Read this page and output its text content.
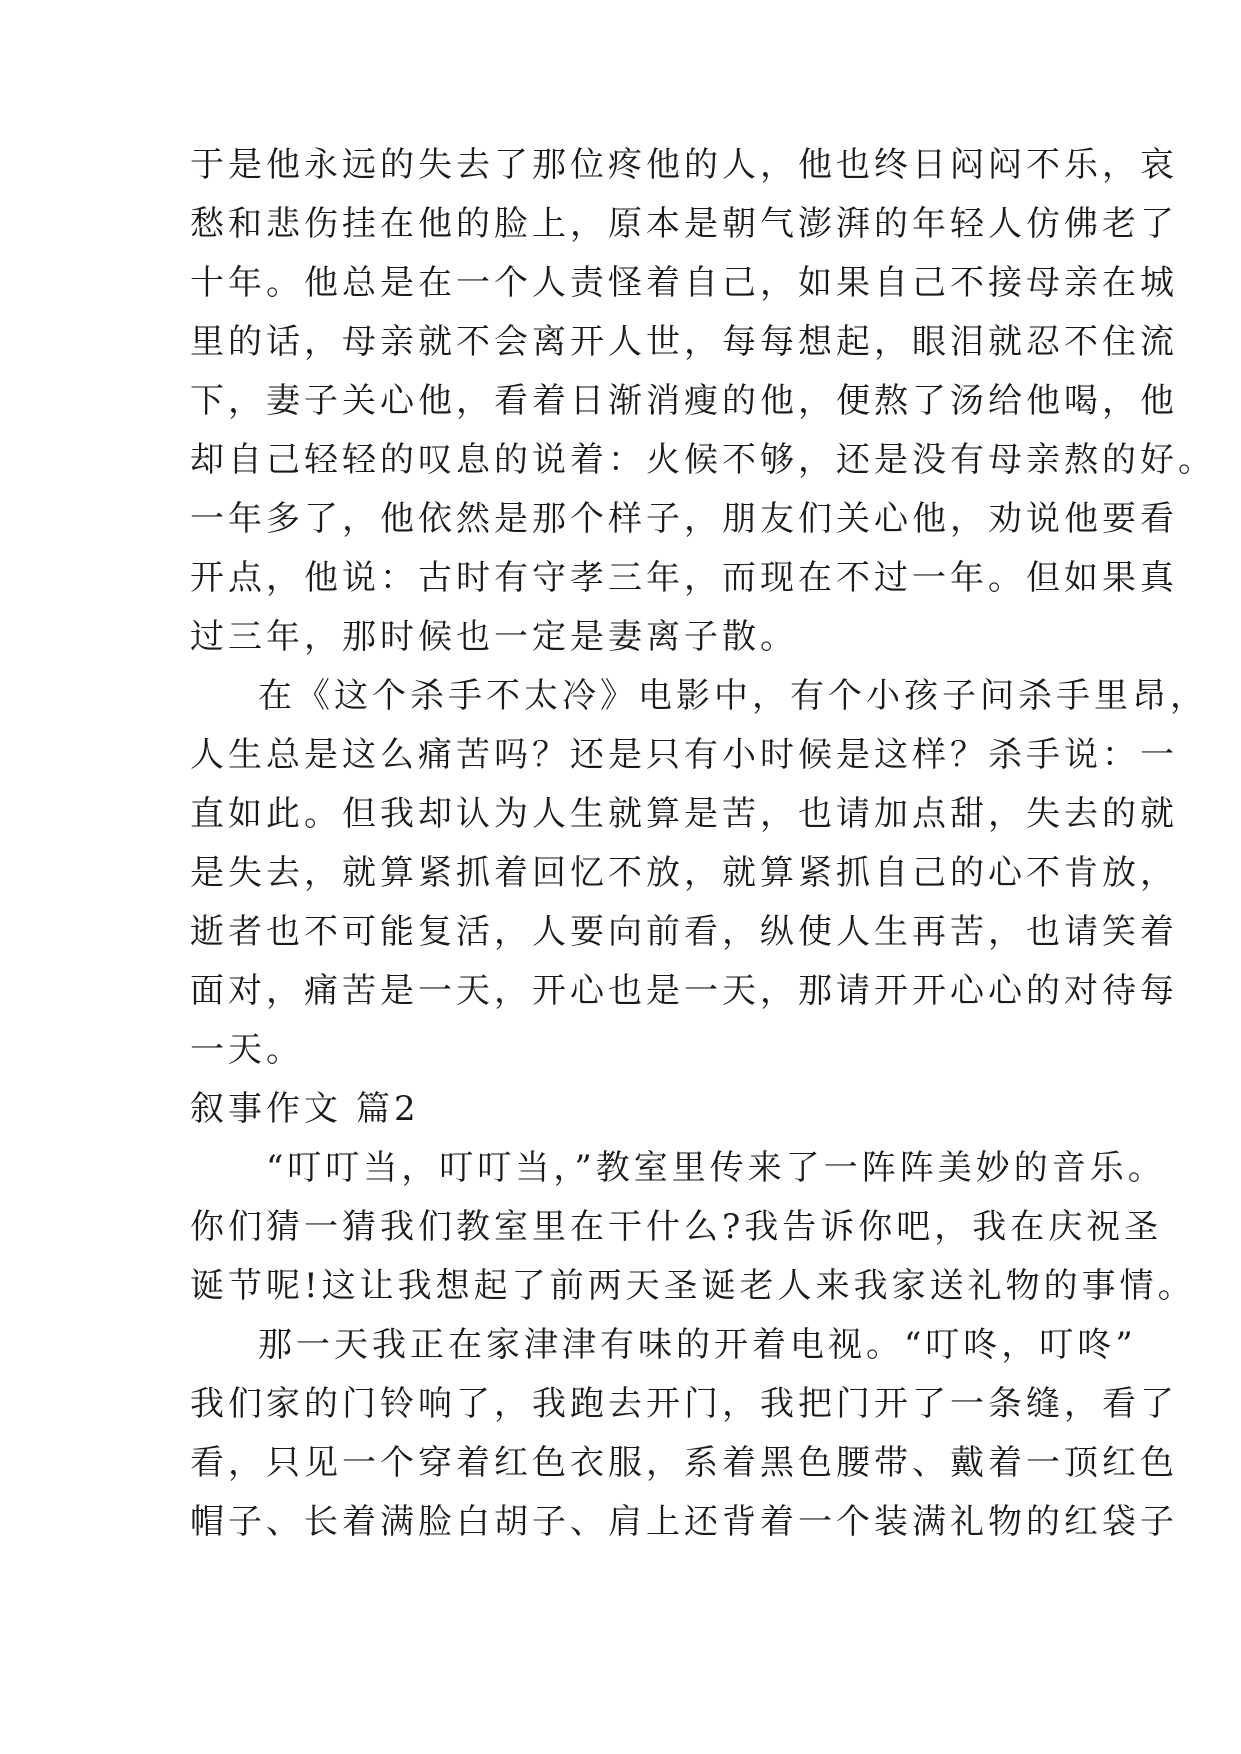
于是他永远的失去了那位疼他的人，他也终日闷闷不乐，哀
愁和悲伤挂在他的脸上，原本是朝气澎湃的年轻人仿佛老了
十年。他总是在一个人责怪着自己，如果自己不接母亲在城
里的话，母亲就不会离开人世，每每想起，眼泪就忍不住流
下，妻子关心他，看着日渐消瘦的他，便熬了汤给他喝，他
却自己轻轻的叹息的说着：火候不够，还是没有母亲熬的好。
一年多了，他依然是那个样子，朋友们关心他，劝说他要看
开点，他说：古时有守孝三年，而现在不过一年。但如果真
过三年，那时候也一定是妻离子散。
在《这个杀手不太冷》电影中，有个小孩子问杀手里昂，
人生总是这么痛苦吗？还是只有小时候是这样？杀手说：一
直如此。但我却认为人生就算是苦，也请加点甜，失去的就
是失去，就算紧抓着回忆不放，就算紧抓自己的心不肯放，
逝者也不可能复活，人要向前看，纵使人生再苦，也请笑着
面对，痛苦是一天，开心也是一天，那请开开心心的对待每
一天。
叙事作文 篇2
“叮叮当，叮叮当，”教室里传来了一阵阵美妙的音乐。
你们猜一猜我们教室里在干什么?我告诉你吧，我在庆祝圣
诞节呢!这让我想起了前两天圣诞老人来我家送礼物的事情。
那一天我正在家津津有味的开着电视。“叮咚，叮咚”
我们家的门铃响了，我跑去开门，我把门开了一条缝，看了
看，只见一个穿着红色衣服，系着黑色腰带、戴着一顶红色
帽子、长着满脸白胡子、肩上还背着一个装满礼物的红袋子
